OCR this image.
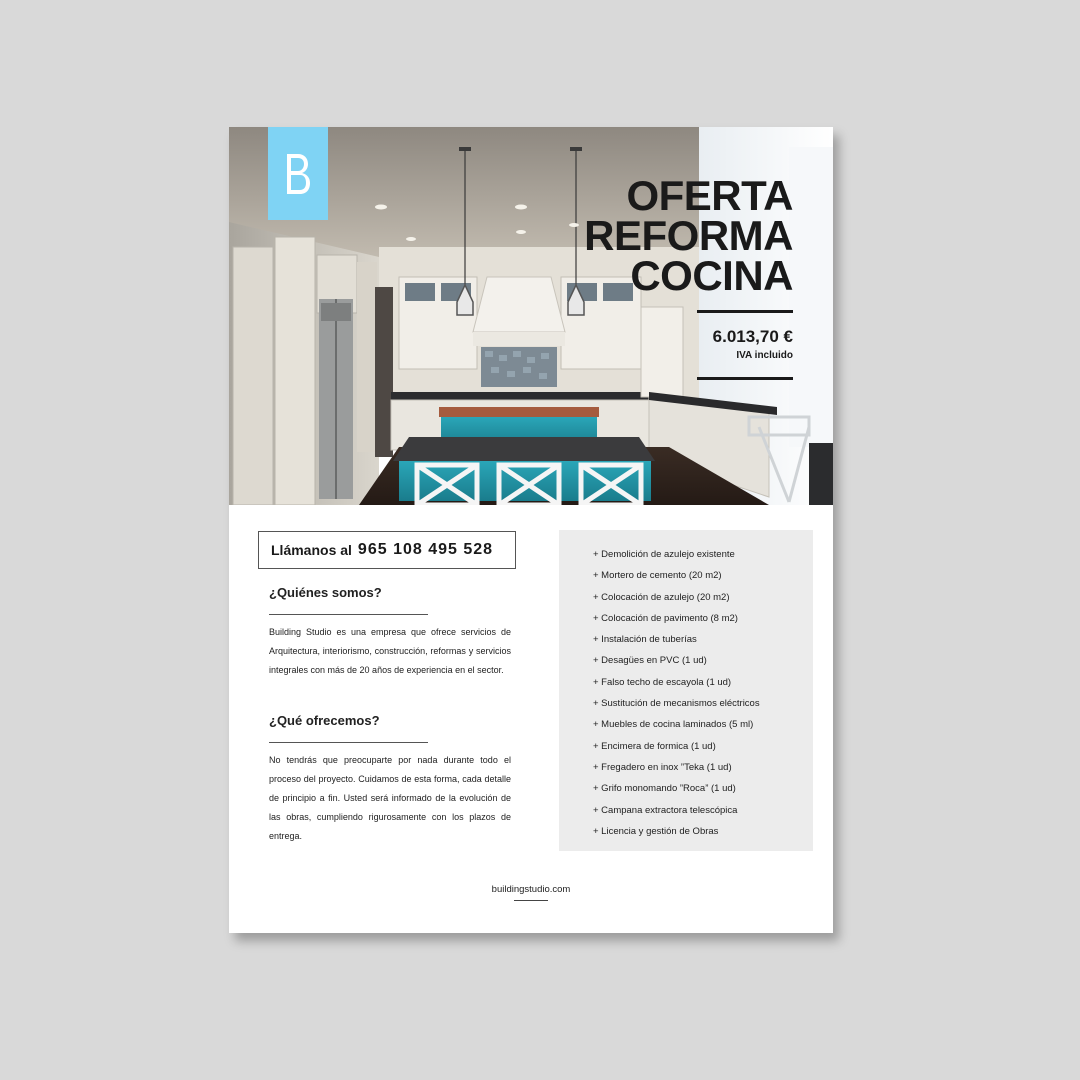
OFERTA
REFORMA
COCINA
6.013,70 €
IVA incluido
Llámanos al 965 108 495 528
¿Quiénes somos?
Building Studio es una empresa que ofrece servicios de Arquitectura, interiorismo, construcción, reformas y servicios integrales con más de 20 años de experiencia en el sector.
¿Qué ofrecemos?
No tendrás que preocuparte por nada durante todo el proceso del proyecto. Cuidamos de esta forma, cada detalle de principio a fin. Usted será informado de la evolución de las obras, cumpliendo rigurosamente con los plazos de entrega.
+ Demolición de azulejo existente
+ Mortero de cemento (20 m2)
+ Colocación de azulejo (20 m2)
+ Colocación de pavimento (8 m2)
+ Instalación de tuberías
+ Desagües en PVC (1 ud)
+ Falso techo de escayola (1 ud)
+ Sustitución de mecanismos eléctricos
+ Muebles de cocina laminados (5 ml)
+ Encimera de formica (1 ud)
+ Fregadero en inox ”Teka (1 ud)
+ Grifo monomando ”Roca” (1 ud)
+ Campana extractora telescópica
+ Licencia y gestión de Obras
buildingstudio.com
